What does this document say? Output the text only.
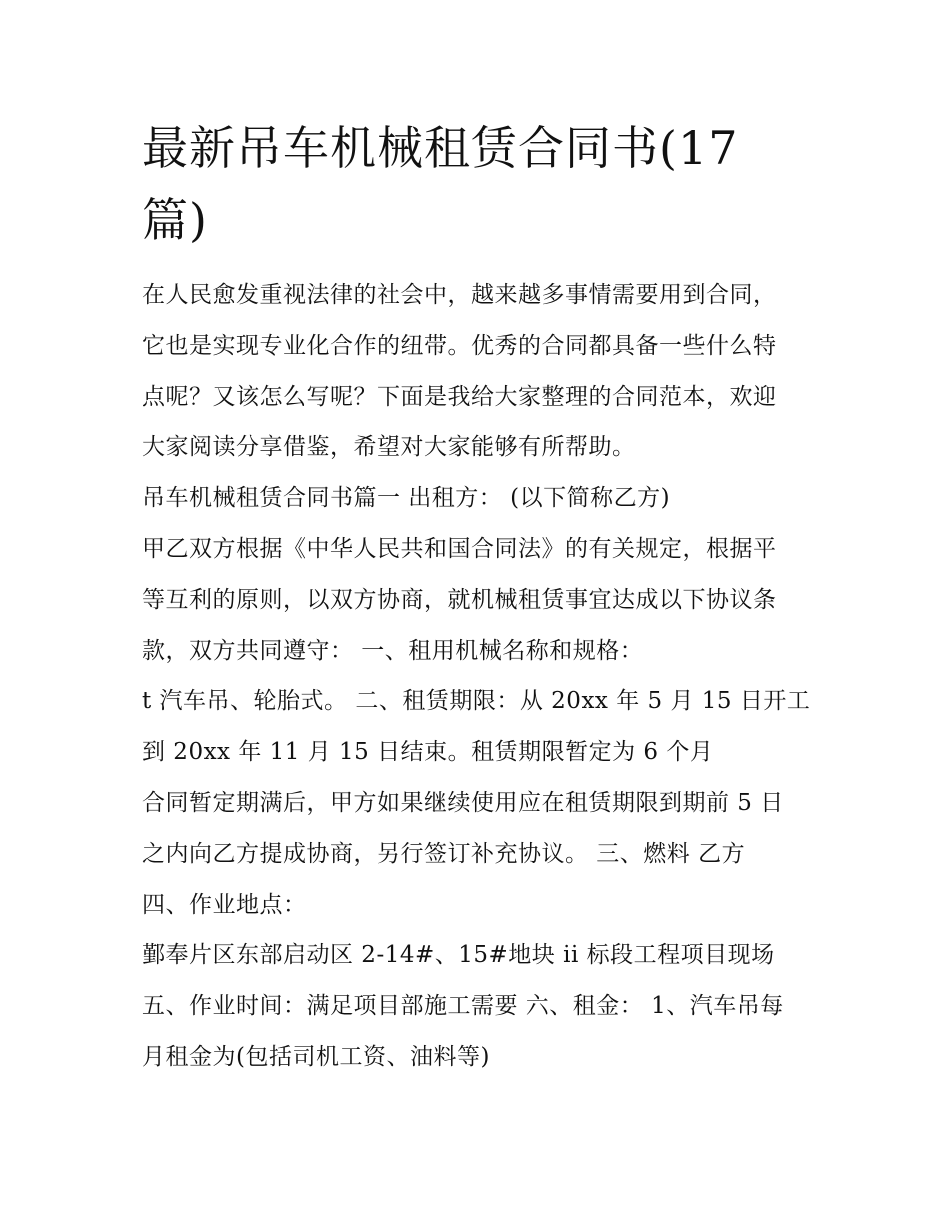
最新吊车机械租赁合同书(17篇)

在人民愈发重视法律的社会中，越来越多事情需要用到合同，

它也是实现专业化合作的纽带。优秀的合同都具备一些什么特

点呢？又该怎么写呢？下面是我给大家整理的合同范本，欢迎

大家阅读分享借鉴，希望对大家能够有所帮助。

吊车机械租赁合同书篇一 出租方： (以下简称乙方)

甲乙双方根据《中华人民共和国合同法》的有关规定，根据平

等互利的原则，以双方协商，就机械租赁事宜达成以下协议条

款，双方共同遵守： 一、租用机械名称和规格：

t 汽车吊、轮胎式。 二、租赁期限：从 20xx 年 5 月 15 日开工

到 20xx 年 11 月 15 日结束。租赁期限暂定为 6 个月

合同暂定期满后，甲方如果继续使用应在租赁期限到期前 5 日

之内向乙方提成协商，另行签订补充协议。 三、燃料 乙方

四、作业地点：

鄞奉片区东部启动区 2-14#、15#地块 ii 标段工程项目现场

五、作业时间：满足项目部施工需要 六、租金： 1、汽车吊每

月租金为(包括司机工资、油料等)
